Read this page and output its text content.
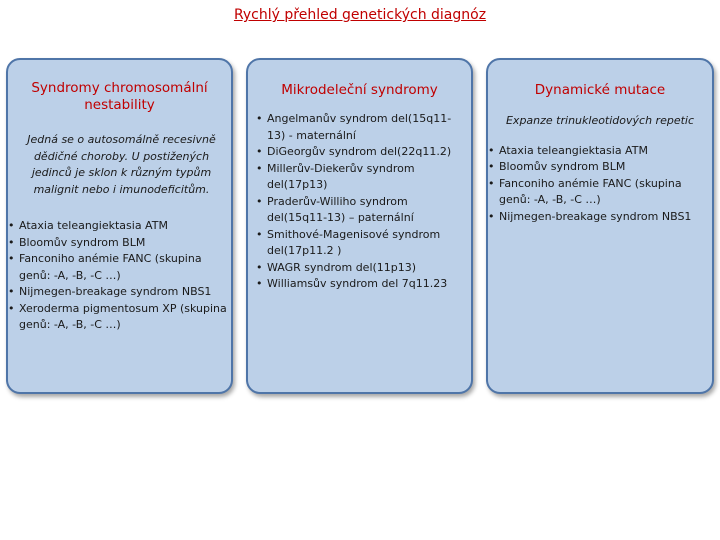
Rychlý přehled genetických diagnóz
Syndromy chromosomální nestability
Jedná se o autosomálně recesivně dědičné choroby. U postižených jedinců je sklon k různým typům malignit nebo i imunodeficitům.
• Ataxia teleangiektasia ATM
• Bloomův syndrom BLM
• Fanconiho anémie FANC (skupina genů: -A, -B, -C …)
• Nijmegen-breakage syndrom NBS1
• Xeroderma pigmentosum XP (skupina genů: -A, -B, -C …)
Mikrodeleční syndromy
• Angelmanův syndrom del(15q11-13) - maternální
• DiGeorgův syndrom del(22q11.2)
• Millerův-Diekerův syndrom del(17p13)
• Praderův-Williho syndrom del(15q11-13) – paternální
• Smithové-Magenisové syndrom del(17p11.2 )
• WAGR syndrom del(11p13)
• Williamsův syndrom del 7q11.23
Dynamické mutace
Expanze trinukleotidových repetic
• Ataxia teleangiektasia ATM
• Bloomův syndrom BLM
• Fanconiho anémie FANC (skupina genů: -A, -B, -C …)
• Nijmegen-breakage syndrom NBS1
